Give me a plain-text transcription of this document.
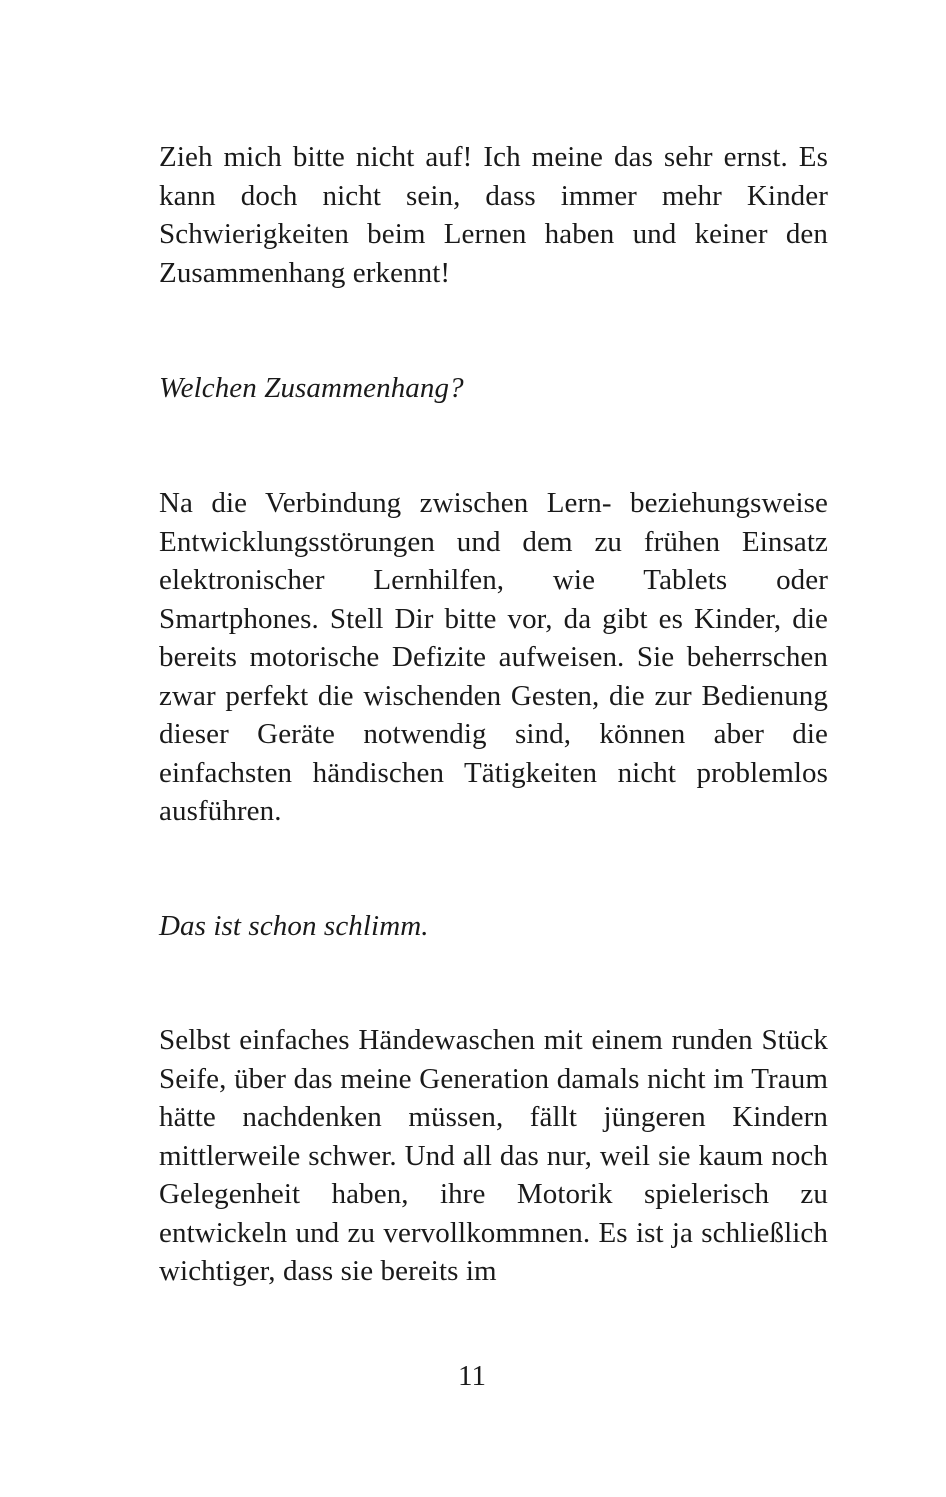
Zieh mich bitte nicht auf! Ich meine das sehr ernst. Es kann doch nicht sein, dass immer mehr Kinder Schwierigkeiten beim Lernen haben und keiner den Zusammenhang erkennt!

Welchen Zusammenhang?

Na die Verbindung zwischen Lern- beziehungsweise Entwicklungsstörungen und dem zu frühen Einsatz elektronischer Lernhilfen, wie Tablets oder Smartphones. Stell Dir bitte vor, da gibt es Kinder, die bereits motorische Defizite aufweisen. Sie beherrschen zwar perfekt die wischenden Gesten, die zur Bedienung dieser Geräte notwendig sind, können aber die einfachsten händischen Tätigkeiten nicht problemlos ausführen.

Das ist schon schlimm.

Selbst einfaches Händewaschen mit einem runden Stück Seife, über das meine Generation damals nicht im Traum hätte nachdenken müssen, fällt jüngeren Kindern mittlerweile schwer. Und all das nur, weil sie kaum noch Gelegenheit haben, ihre Motorik spielerisch zu entwickeln und zu vervollkommnen. Es ist ja schließlich wichtiger, dass sie bereits im

11
